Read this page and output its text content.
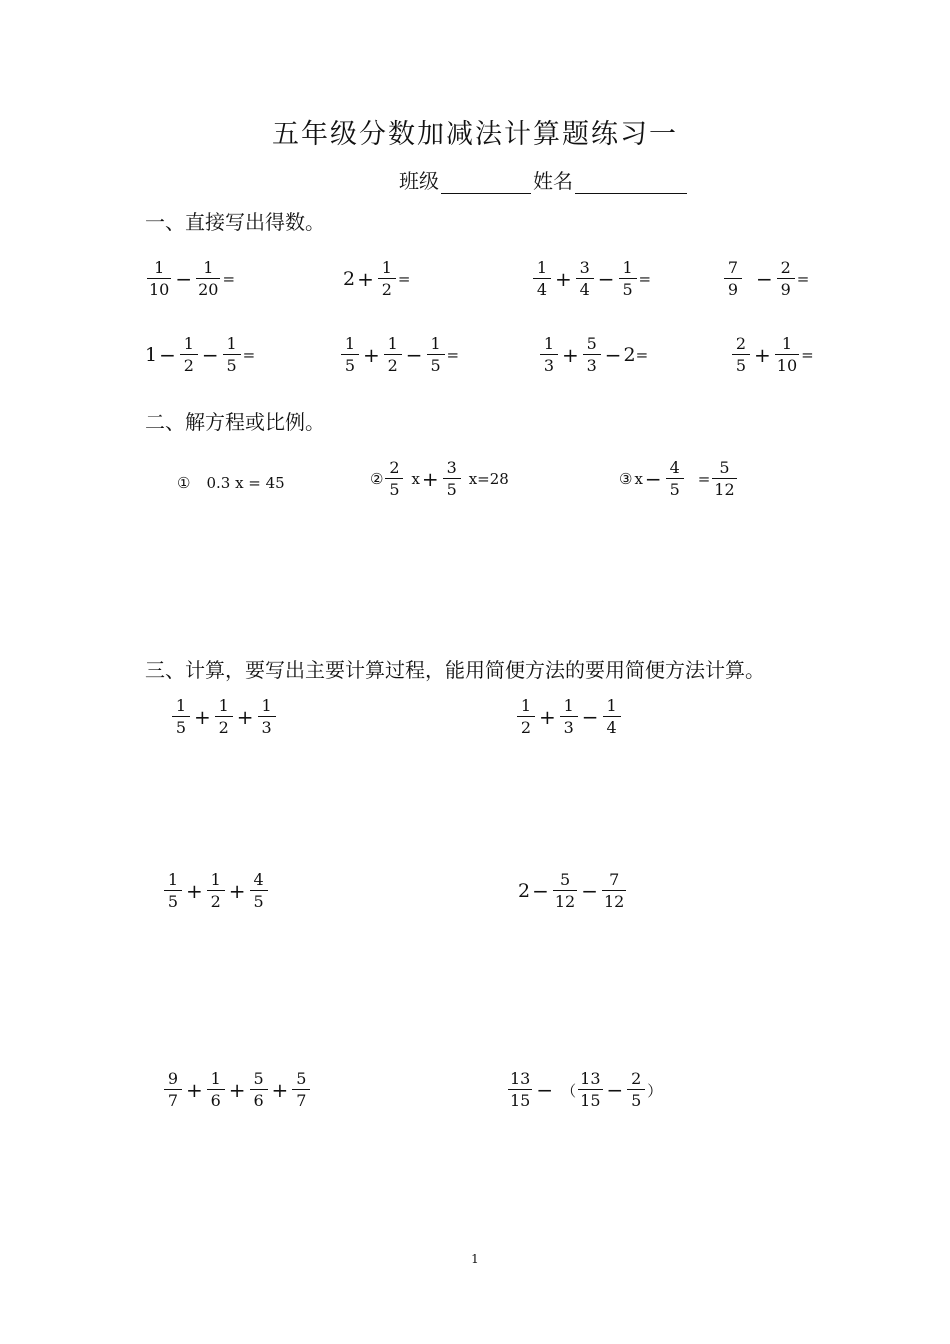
五年级分数加减法计算题练习一
班级	姓名
一、直接写出得数。
$\frac{1}{10} - \frac{1}{20}$ =	$2 + \frac{1}{2}$ =	$\frac{1}{4} + \frac{3}{4} - \frac{1}{5}$ =	$\frac{7}{9} - \frac{2}{9}$ =
$1 - \frac{1}{2} - \frac{1}{5}$ =	$\frac{1}{5} + \frac{1}{2} - \frac{1}{5}$ =	$\frac{1}{3} + \frac{5}{3} - 2$ =	$\frac{2}{5} + \frac{1}{10}$ =
二、解方程或比例。
① 0.3 x = 45	② $\frac{2}{5}$ $x + \frac{3}{5}$ x =28	③ $x - \frac{4}{5} = \frac{5}{12}$
三、计算，要写出主要计算过程，能用简便方法的要用简便方法计算。
$\frac{1}{5} + \frac{1}{2} + \frac{1}{3}$	$\frac{1}{2} + \frac{1}{3} - \frac{1}{4}$
$\frac{1}{5} + \frac{1}{2} + \frac{4}{5}$	$2 - \frac{5}{12} - \frac{7}{12}$
$\frac{9}{7} + \frac{1}{6} + \frac{5}{6} + \frac{5}{7}$	$\frac{13}{15}$ − （ $\frac{13}{15} - \frac{2}{5}$ ）
1
